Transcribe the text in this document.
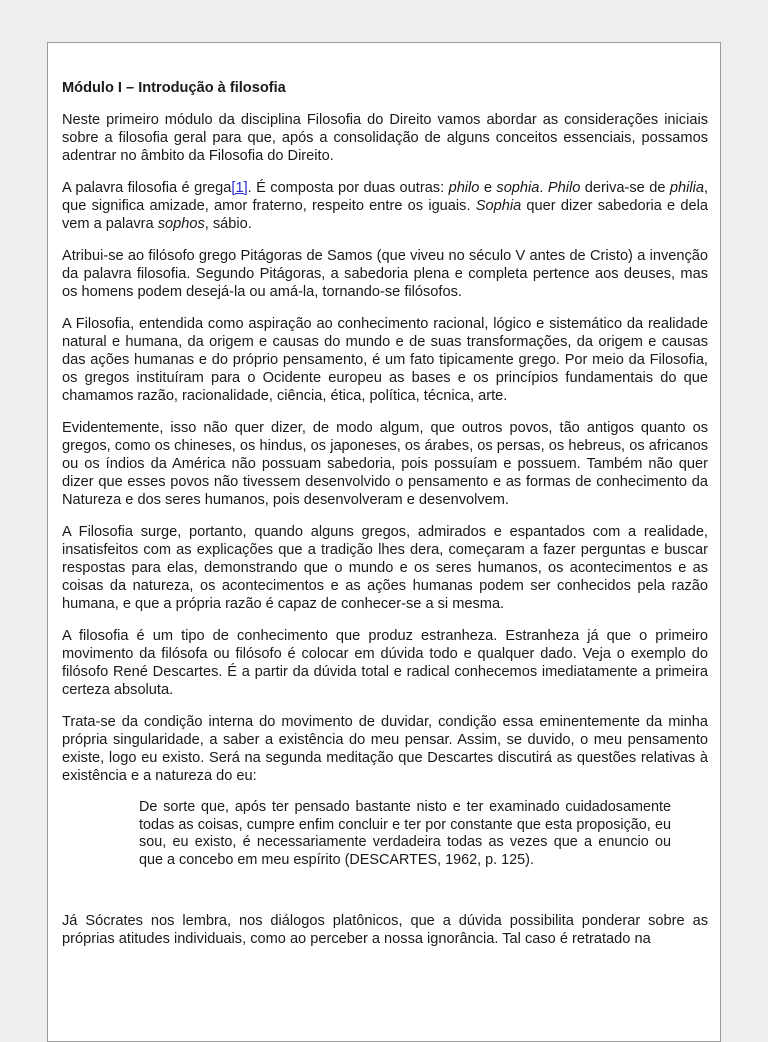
Módulo I – Introdução à filosofia

Neste primeiro módulo da disciplina Filosofia do Direito vamos abordar as considerações iniciais sobre a filosofia geral para que, após a consolidação de alguns conceitos essenciais, possamos adentrar no âmbito da Filosofia do Direito.

A palavra filosofia é grega[1]. É composta por duas outras: philo e sophia. Philo deriva-se de philia, que significa amizade, amor fraterno, respeito entre os iguais. Sophia quer dizer sabedoria e dela vem a palavra sophos, sábio.

Atribui-se ao filósofo grego Pitágoras de Samos (que viveu no século V antes de Cristo) a invenção da palavra filosofia. Segundo Pitágoras, a sabedoria plena e completa pertence aos deuses, mas os homens podem desejá-la ou amá-la, tornando-se filósofos.

A Filosofia, entendida como aspiração ao conhecimento racional, lógico e sistemático da realidade natural e humana, da origem e causas do mundo e de suas transformações, da origem e causas das ações humanas e do próprio pensamento, é um fato tipicamente grego. Por meio da Filosofia, os gregos instituíram para o Ocidente europeu as bases e os princípios fundamentais do que chamamos razão, racionalidade, ciência, ética, política, técnica, arte.

Evidentemente, isso não quer dizer, de modo algum, que outros povos, tão antigos quanto os gregos, como os chineses, os hindus, os japoneses, os árabes, os persas, os hebreus, os africanos ou os índios da América não possuam sabedoria, pois possuíam e possuem. Também não quer dizer que esses povos não tivessem desenvolvido o pensamento e as formas de conhecimento da Natureza e dos seres humanos, pois desenvolveram e desenvolvem.

A Filosofia surge, portanto, quando alguns gregos, admirados e espantados com a realidade, insatisfeitos com as explicações que a tradição lhes dera, começaram a fazer perguntas e buscar respostas para elas, demonstrando que o mundo e os seres humanos, os acontecimentos e as coisas da natureza, os acontecimentos e as ações humanas podem ser conhecidos pela razão humana, e que a própria razão é capaz de conhecer-se a si mesma.

A filosofia é um tipo de conhecimento que produz estranheza. Estranheza já que o primeiro movimento da filósofa ou filósofo é colocar em dúvida todo e qualquer dado. Veja o exemplo do filósofo René Descartes. É a partir da dúvida total e radical conhecemos imediatamente a primeira certeza absoluta.

Trata-se da condição interna do movimento de duvidar, condição essa eminentemente da minha própria singularidade, a saber a existência do meu pensar. Assim, se duvido, o meu pensamento existe, logo eu existo. Será na segunda meditação que Descartes discutirá as questões relativas à existência e a natureza do eu:

De sorte que, após ter pensado bastante nisto e ter examinado cuidadosamente todas as coisas, cumpre enfim concluir e ter por constante que esta proposição, eu sou, eu existo, é necessariamente verdadeira todas as vezes que a enuncio ou que a concebo em meu espírito (DESCARTES, 1962, p. 125).

Já Sócrates nos lembra, nos diálogos platônicos, que a dúvida possibilita ponderar sobre as próprias atitudes individuais, como ao perceber a nossa ignorância. Tal caso é retratado na
